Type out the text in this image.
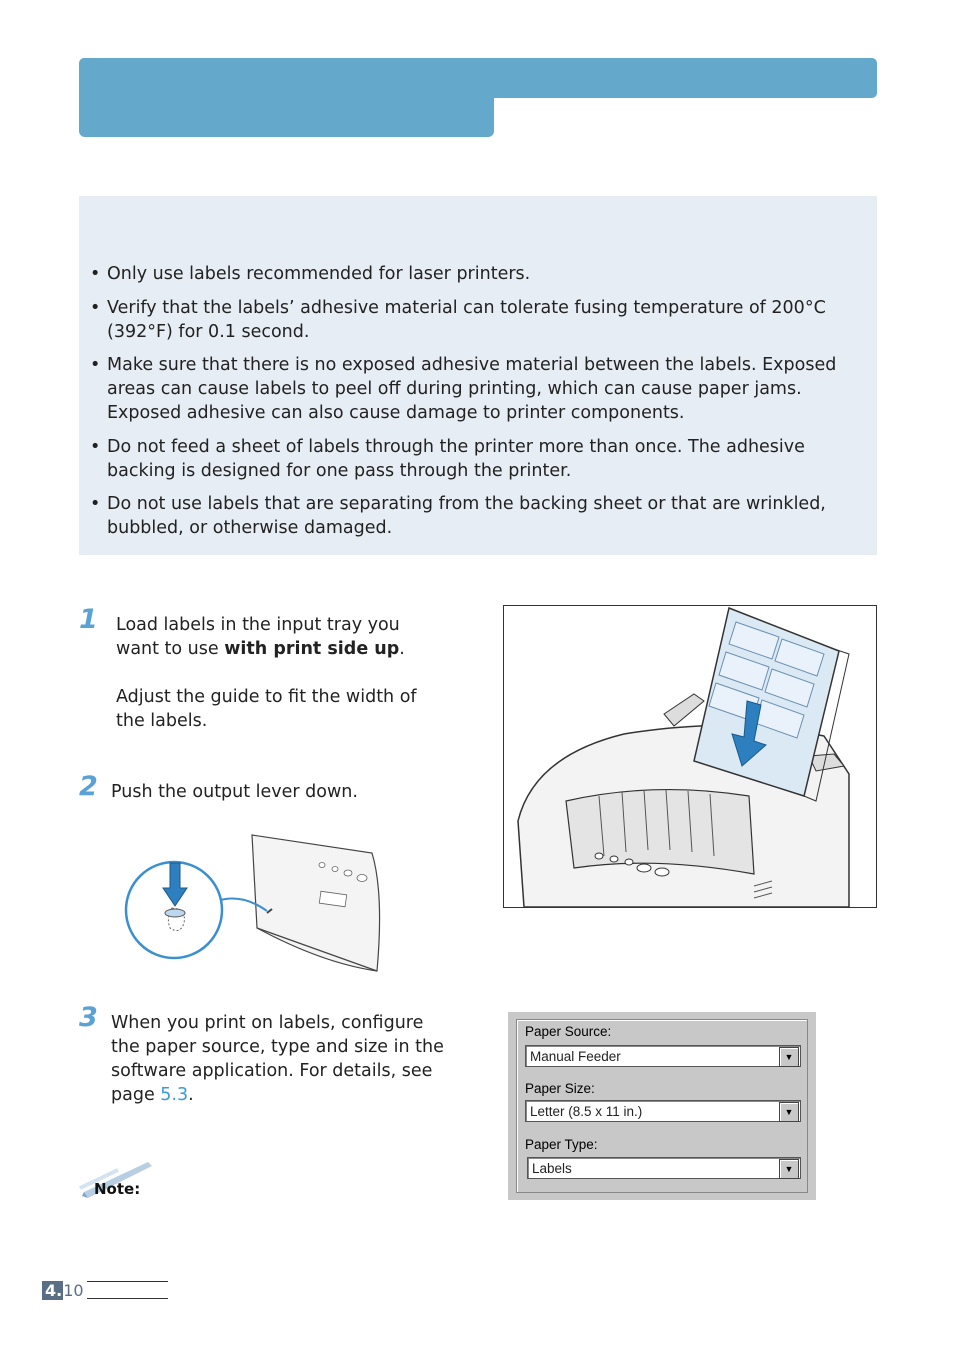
• Only use labels recommended for laser printers.
• Verify that the labels’ adhesive material can tolerate fusing temperature of 200°C (392°F) for 0.1 second.
• Make sure that there is no exposed adhesive material between the labels. Exposed areas can cause labels to peel off during printing, which can cause paper jams. Exposed adhesive can also cause damage to printer components.
• Do not feed a sheet of labels through the printer more than once. The adhesive backing is designed for one pass through the printer.
• Do not use labels that are separating from the backing sheet or that are wrinkled, bubbled, or otherwise damaged.
1 Load labels in the input tray you want to use with print side up.
Adjust the guide to fit the width of the labels.
2 Push the output lever down.
3 When you print on labels, configure the paper source, type and size in the software application. For details, see page 5.3.
Paper Source:
Manual Feeder	▼
Paper Size:
Letter (8.5 x 11 in.)	▼
Paper Type:
Labels	▼
Note:
4.10
